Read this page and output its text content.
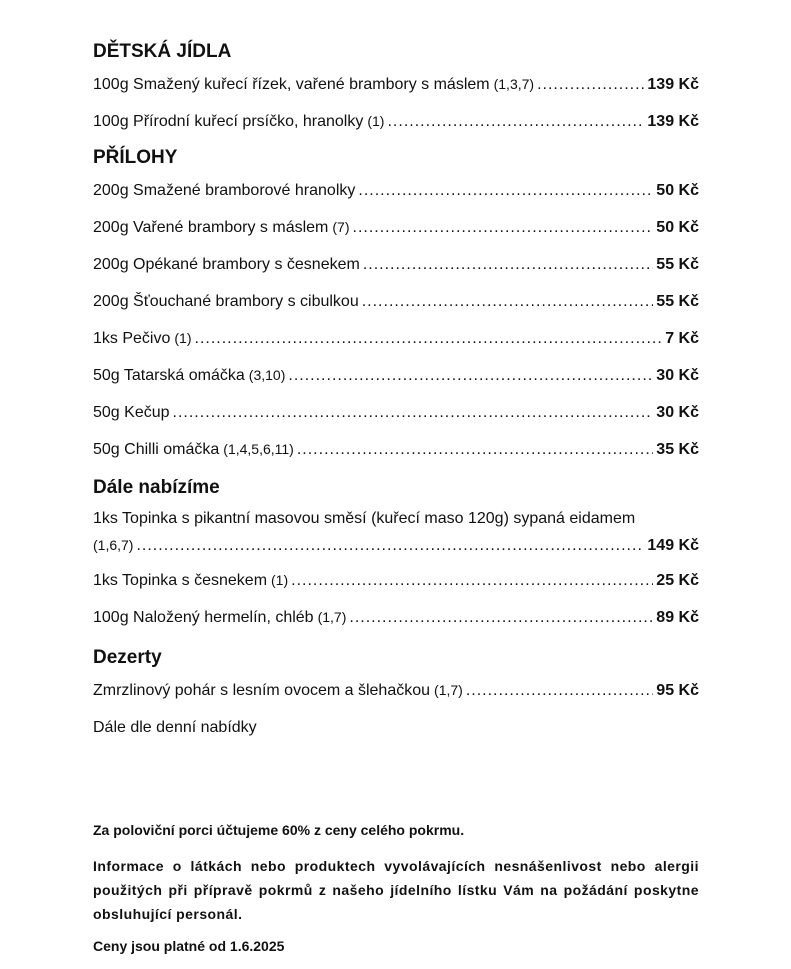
DĚTSKÁ JÍDLA
100g Smažený kuřecí řízek, vařené brambory s máslem (1,3,7) .....	139 Kč
100g Přírodní kuřecí prsíčko, hranolky (1) .....	139 Kč
PŘÍLOHY
200g Smažené bramborové hranolky .....	50 Kč
200g Vařené brambory s máslem (7) .....	50 Kč
200g Opékané brambory s česnekem .....	55 Kč
200g Šťouchané brambory s cibulkou .....	55 Kč
1ks Pečivo (1) .....	7 Kč
50g Tatarská omáčka (3,10) .....	30 Kč
50g Kečup .....	30 Kč
50g Chilli omáčka (1,4,5,6,11) .....	35 Kč
Dále nabízíme
1ks Topinka s pikantní masovou směsí (kuřecí maso 120g) sypaná eidamem
(1,6,7) .....	149 Kč
1ks Topinka s česnekem (1) .....	25 Kč
100g Naložený hermelín, chléb (1,7) .....	89 Kč
Dezerty
Zmrzlinový pohár s lesním ovocem a šlehačkou (1,7) .....	95 Kč
Dále dle denní nabídky

Za poloviční porci účtujeme 60% z ceny celého pokrmu.

Informace o látkách nebo produktech vyvolávajících nesnášenlivost nebo alergii použitých při přípravě pokrmů z našeho jídelního lístku Vám na požádání poskytne obsluhující personál.

Ceny jsou platné od 1.6.2025
